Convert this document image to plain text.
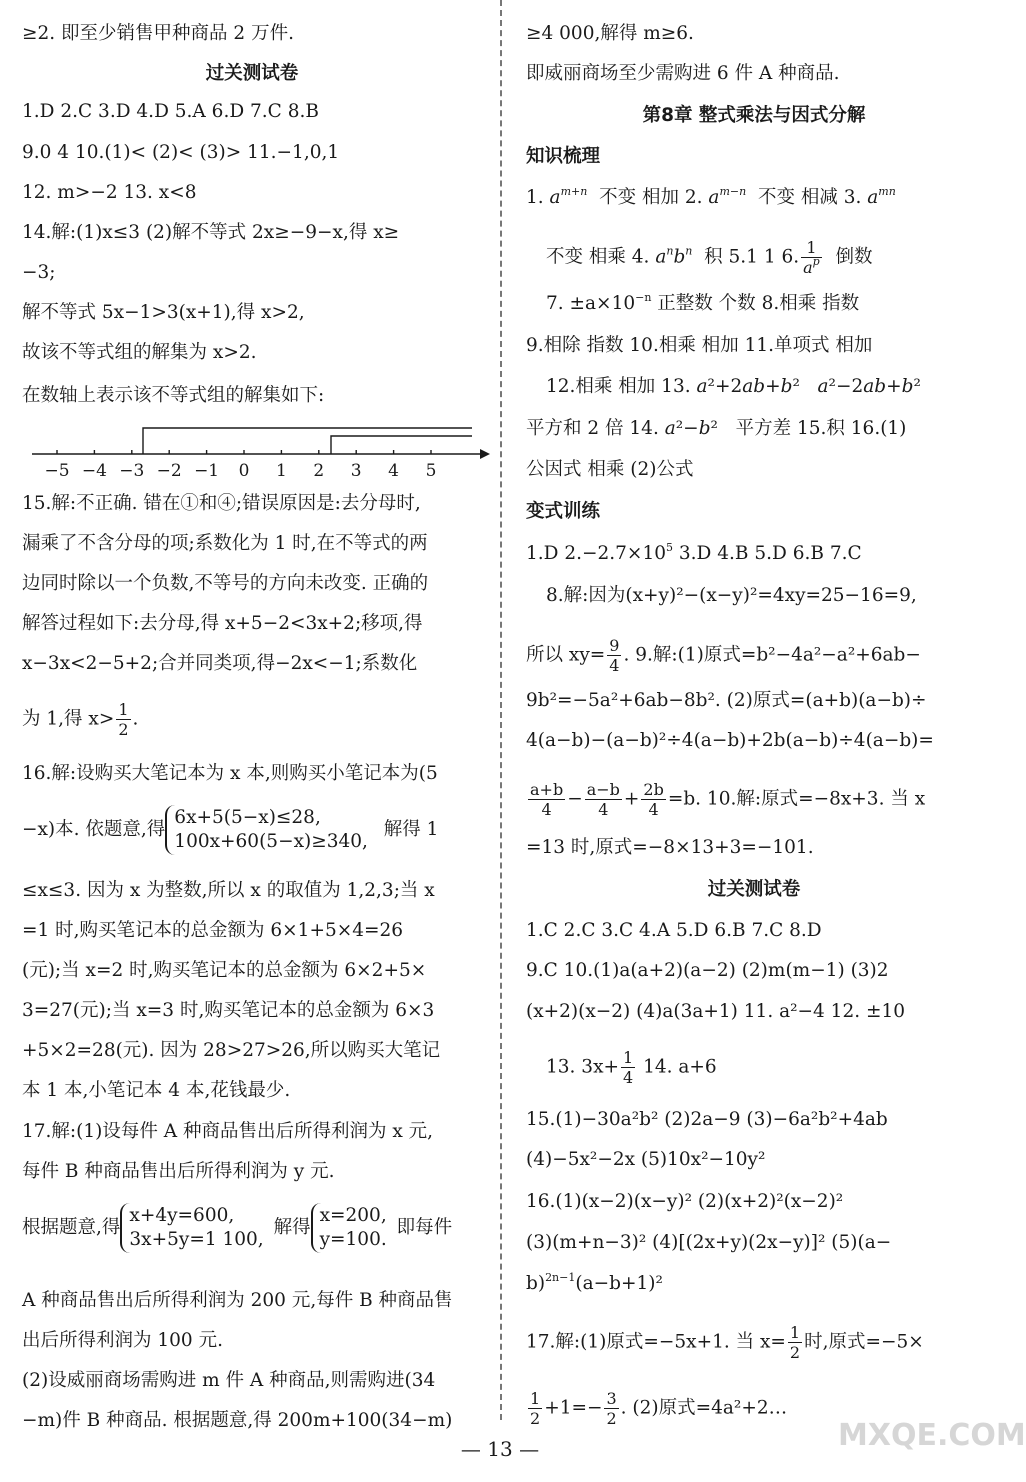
≥2. 即至少销售甲种商品 2 万件.
过关测试卷
1.D 2.C 3.D 4.D 5.A 6.D 7.C 8.B
9.0 4 10.(1)< (2)< (3)> 11.−1,0,1
12. m>−2 13. x<8
14.解:(1)x≤3 (2)解不等式 2x≥−9−x,得 x≥
−3;
解不等式 5x−1>3(x+1),得 x>2,
故该不等式组的解集为 x>2.
在数轴上表示该不等式组的解集如下:
−5 −4 −3 −2 −1 0 1 2 3 4 5
15.解:不正确. 错在①和④;错误原因是:去分母时,
漏乘了不含分母的项;系数化为 1 时,在不等式的两
边同时除以一个负数,不等号的方向未改变. 正确的
解答过程如下:去分母,得 x+5−2<3x+2;移项,得
x−3x<2−5+2;合并同类项,得−2x<−1;系数化
为 1,得 $x> \frac{1}{2}$ .
16.解:设购买大笔记本为 x 本,则购买小笔记本为(5
−x)本. 依题意,得
6x+5(5−x)≤28,
100x+60(5−x)≥340,
解得 1
≤x≤3. 因为 x 为整数,所以 x 的取值为 1,2,3;当 x
=1 时,购买笔记本的总金额为 6×1+5×4=26
(元);当 x=2 时,购买笔记本的总金额为 6×2+5×
3=27(元);当 x=3 时,购买笔记本的总金额为 6×3
+5×2=28(元). 因为 28>27>26,所以购买大笔记
本 1 本,小笔记本 4 本,花钱最少.
17.解:(1)设每件 A 种商品售出后所得利润为 x 元,
每件 B 种商品售出后所得利润为 y 元.
根据题意,得
x+4y=600,
3x+5y=1 100,
解得
x=200,
y=100.
即每件
A 种商品售出后所得利润为 200 元,每件 B 种商品售
出后所得利润为 100 元.
(2)设威丽商场需购进 m 件 A 种商品,则需购进(34
−m)件 B 种商品. 根据题意,得 200m+100(34−m)
≥4 000,解得 m≥6.
即威丽商场至少需购进 6 件 A 种商品.
第8章 整式乘法与因式分解
知识梳理
1. $a^{m+n}$ 不变 相加 2. $a^{m-n}$ 不变 相减 3. $a^{mn}$
不变 相乘 4. $a^nb^n$ 积 5.1 1 6. $\frac{1}{a^p}$ 倒数
7. $\pm a\times 10^{-n}$ 正整数 个数 8.相乘 指数
9.相除 指数 10.相乘 相加 11.单项式 相加
12.相乘 相加 13. a²+2ab+b²   a²−2ab+b²
平方和 2 倍 14. a²−b²   平方差 15.积 16.(1)
公因式 相乘 (2)公式
变式训练
1.D $2.-2.7\times 10^5$ 3.D 4.B 5.D 6.B 7.C
8.解:因为(x+y)²−(x−y)²=4xy=25−16=9,
所以 $xy= \frac{9}{4}$ . 9.解:(1)原式=b²−4a²−a²+6ab−
9b²=−5a²+6ab−8b². (2)原式=(a+b)(a−b)÷
4(a−b)−(a−b)²÷4(a−b)+2b(a−b)÷4(a−b)=
$\frac{a+b}{4} - \frac{a-b}{4} + \frac{2b}{4} =b$. 10.解:原式=−8x+3. 当 x
=13 时,原式=−8×13+3=−101.
过关测试卷
1.C 2.C 3.C 4.A 5.D 6.B 7.C 8.D
9.C 10.(1)a(a+2)(a−2) (2)m(m−1) (3)2
(x+2)(x−2) (4)a(3a+1) 11. a²−4 12. ±10
13. $3x+ \frac{1}{4} 14$. a+6
15.(1)−30a²b² (2)2a−9 (3)−6a²b²+4ab
(4)−5x²−2x (5)10x²−10y²
16.(1)(x−2)(x−y)² (2)(x+2)²(x−2)²
(3)(m+n−3)² (4)[(2x+y)(2x−y)]² (5)(a−
b)$^{2n-1}$(a−b+1)²
17.解:(1)原式=−5x+1. 当 $x= \frac{1}{2}$ 时,原式=−5×
$\frac{1}{2} +1=- \frac{3}{2}$ . (2)原式=4a²+2…
— 13 —	MXQE.COM
